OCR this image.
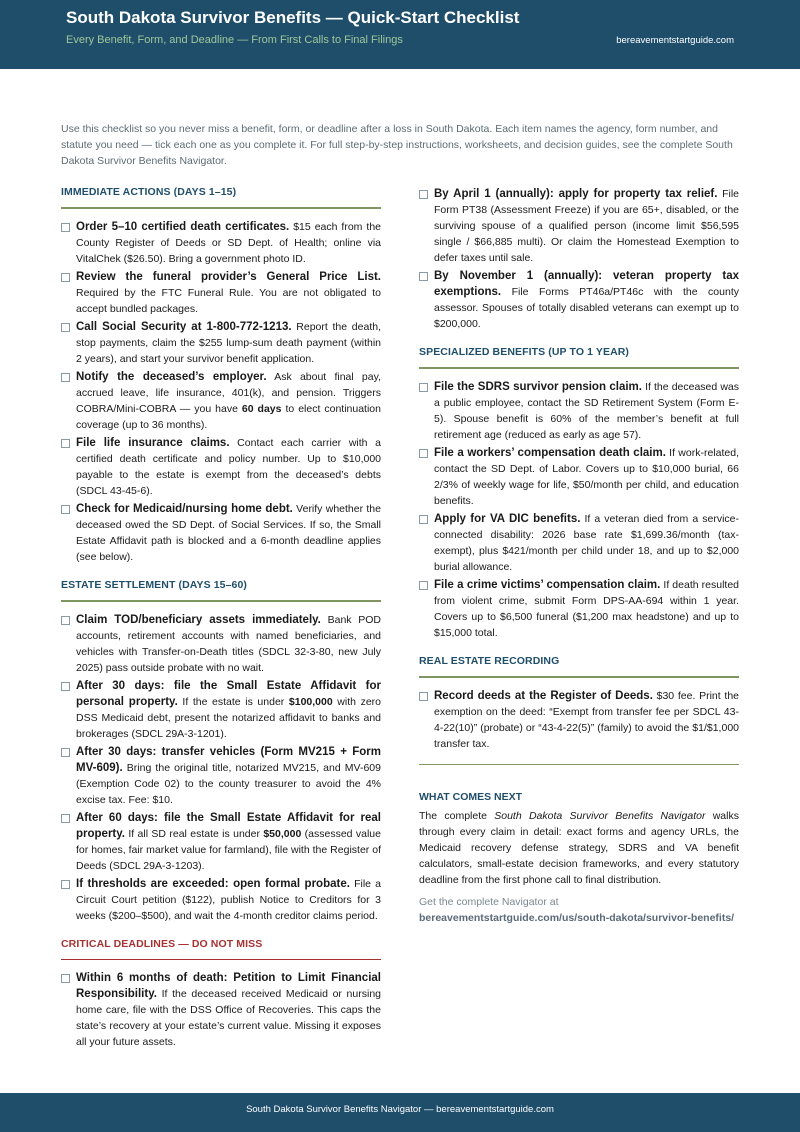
South Dakota Survivor Benefits — Quick-Start Checklist
Every Benefit, Form, and Deadline — From First Calls to Final Filings	bereavementstartguide.com
Use this checklist so you never miss a benefit, form, or deadline after a loss in South Dakota. Each item names the agency, form number, and statute you need — tick each one as you complete it. For full step-by-step instructions, worksheets, and decision guides, see the complete South Dakota Survivor Benefits Navigator.
IMMEDIATE ACTIONS (DAYS 1–15)
Order 5–10 certified death certificates. $15 each from the County Register of Deeds or SD Dept. of Health; online via VitalChek ($26.50). Bring a government photo ID.
Review the funeral provider’s General Price List. Required by the FTC Funeral Rule. You are not obligated to accept bundled packages.
Call Social Security at 1-800-772-1213. Report the death, stop payments, claim the $255 lump-sum death payment (within 2 years), and start your survivor benefit application.
Notify the deceased’s employer. Ask about final pay, accrued leave, life insurance, 401(k), and pension. Triggers COBRA/Mini-COBRA — you have 60 days to elect continuation coverage (up to 36 months).
File life insurance claims. Contact each carrier with a certified death certificate and policy number. Up to $10,000 payable to the estate is exempt from the deceased’s debts (SDCL 43-45-6).
Check for Medicaid/nursing home debt. Verify whether the deceased owed the SD Dept. of Social Services. If so, the Small Estate Affidavit path is blocked and a 6-month deadline applies (see below).
ESTATE SETTLEMENT (DAYS 15–60)
Claim TOD/beneficiary assets immediately. Bank POD accounts, retirement accounts with named beneficiaries, and vehicles with Transfer-on-Death titles (SDCL 32-3-80, new July 2025) pass outside probate with no wait.
After 30 days: file the Small Estate Affidavit for personal property. If the estate is under $100,000 with zero DSS Medicaid debt, present the notarized affidavit to banks and brokerages (SDCL 29A-3-1201).
After 30 days: transfer vehicles (Form MV215 + Form MV-609). Bring the original title, notarized MV215, and MV-609 (Exemption Code 02) to the county treasurer to avoid the 4% excise tax. Fee: $10.
After 60 days: file the Small Estate Affidavit for real property. If all SD real estate is under $50,000 (assessed value for homes, fair market value for farmland), file with the Register of Deeds (SDCL 29A-3-1203).
If thresholds are exceeded: open formal probate. File a Circuit Court petition ($122), publish Notice to Creditors for 3 weeks ($200–$500), and wait the 4-month creditor claims period.
CRITICAL DEADLINES — DO NOT MISS
Within 6 months of death: Petition to Limit Financial Responsibility. If the deceased received Medicaid or nursing home care, file with the DSS Office of Recoveries. This caps the state’s recovery at your estate’s current value. Missing it exposes all your future assets.
By April 1 (annually): apply for property tax relief. File Form PT38 (Assessment Freeze) if you are 65+, disabled, or the surviving spouse of a qualified person (income limit $56,595 single / $66,885 multi). Or claim the Homestead Exemption to defer taxes until sale.
By November 1 (annually): veteran property tax exemptions. File Forms PT46a/PT46c with the county assessor. Spouses of totally disabled veterans can exempt up to $200,000.
SPECIALIZED BENEFITS (UP TO 1 YEAR)
File the SDRS survivor pension claim. If the deceased was a public employee, contact the SD Retirement System (Form E-5). Spouse benefit is 60% of the member’s benefit at full retirement age (reduced as early as age 57).
File a workers’ compensation death claim. If work-related, contact the SD Dept. of Labor. Covers up to $10,000 burial, 66 2/3% of weekly wage for life, $50/month per child, and education benefits.
Apply for VA DIC benefits. If a veteran died from a service-connected disability: 2026 base rate $1,699.36/month (tax-exempt), plus $421/month per child under 18, and up to $2,000 burial allowance.
File a crime victims’ compensation claim. If death resulted from violent crime, submit Form DPS-AA-694 within 1 year. Covers up to $6,500 funeral ($1,200 max headstone) and up to $15,000 total.
REAL ESTATE RECORDING
Record deeds at the Register of Deeds. $30 fee. Print the exemption on the deed: “Exempt from transfer fee per SDCL 43-4-22(10)” (probate) or “43-4-22(5)” (family) to avoid the $1/$1,000 transfer tax.
WHAT COMES NEXT
The complete South Dakota Survivor Benefits Navigator walks through every claim in detail: exact forms and agency URLs, the Medicaid recovery defense strategy, SDRS and VA benefit calculators, small-estate decision frameworks, and every statutory deadline from the first phone call to final distribution.
Get the complete Navigator at
bereavementstartguide.com/us/south-dakota/survivor-benefits/
South Dakota Survivor Benefits Navigator — bereavementstartguide.com
